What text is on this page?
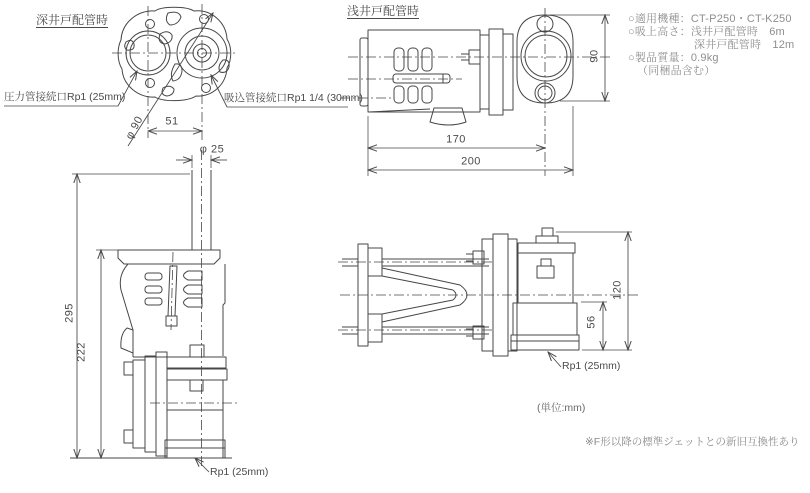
深井戸配管時
浅井戸配管時
圧力管接続口Rp1 (25mm)	吸込管接続口Rp1 1/4 (30mm)
51
φ 90
φ 25
295
222
Rp1 (25mm)
170
200
90
120
56
Rp1 (25mm)
○適用機種：CT-P250・CT-K250
○吸上高さ：浅井戸配管時　6m
深井戸配管時　12m
○製品質量：0.9kg
（同梱品含む）
(単位:mm)
※F形以降の標準ジェットとの新旧互換性あり
